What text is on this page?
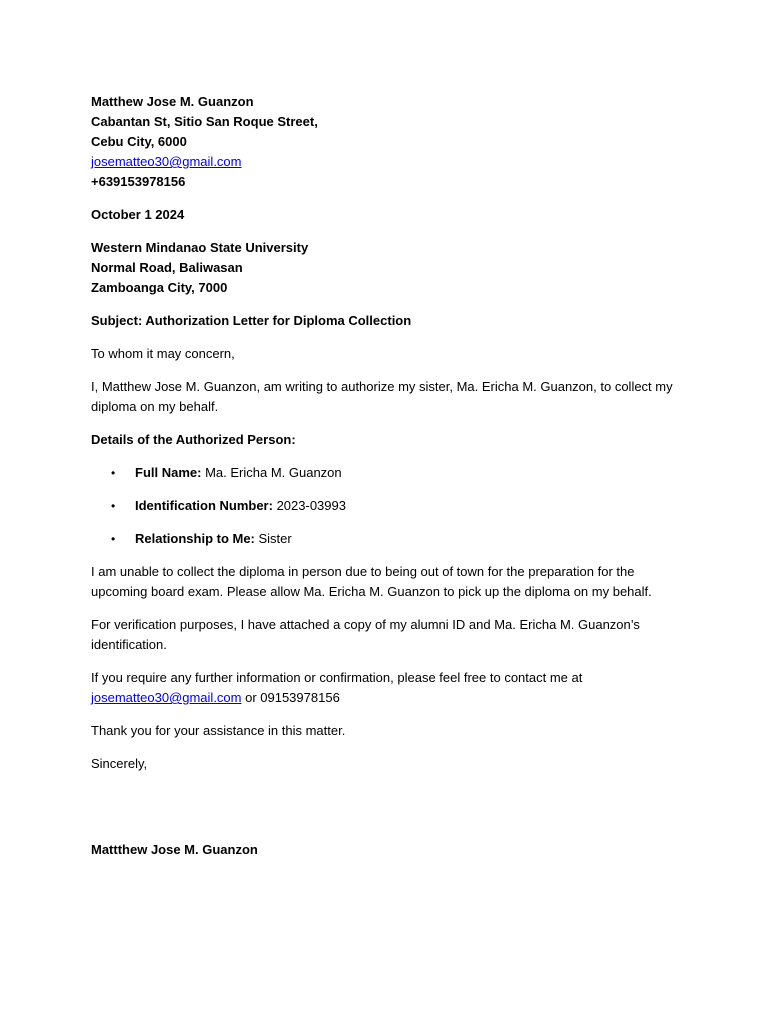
Matthew Jose M. Guanzon

Cabantan St, Sitio San Roque Street,

Cebu City, 6000

josematteo30@gmail.com

+639153978156

October 1 2024

Western Mindanao State University

Normal Road, Baliwasan

Zamboanga City, 7000

Subject: Authorization Letter for Diploma Collection

To whom it may concern,

I, Matthew Jose M. Guanzon, am writing to authorize my sister, Ma. Ericha M. Guanzon, to collect my diploma on my behalf.

Details of the Authorized Person:

• Full Name: Ma. Ericha M. Guanzon
• Identification Number: 2023-03993
• Relationship to Me: Sister

I am unable to collect the diploma in person due to being out of town for the preparation for the upcoming board exam. Please allow Ma. Ericha M. Guanzon to pick up the diploma on my behalf.

For verification purposes, I have attached a copy of my alumni ID and Ma. Ericha M. Guanzon’s identification.

If you require any further information or confirmation, please feel free to contact me at
josematteo30@gmail.com or 09153978156

Thank you for your assistance in this matter.

Sincerely,

Mattthew Jose M. Guanzon
